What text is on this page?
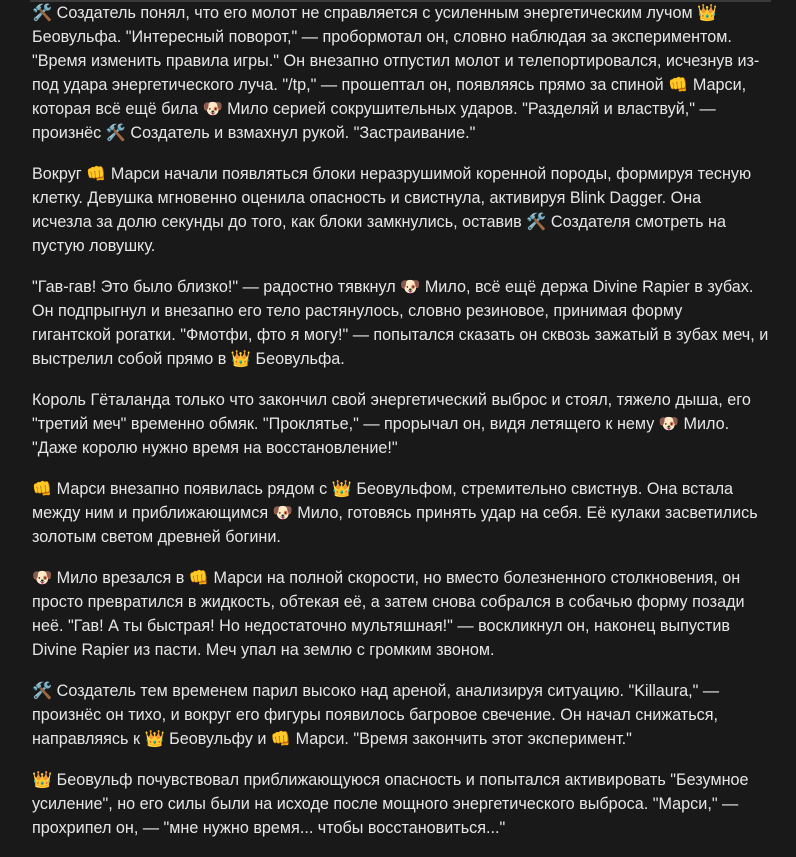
🛠️ Создатель понял, что его молот не справляется с усиленным энергетическим лучом 👑
Беовульфа. "Интересный поворот," — пробормотал он, словно наблюдая за экспериментом.
"Время изменить правила игры." Он внезапно отпустил молот и телепортировался, исчезнув из-
под удара энергетического луча. "/tp," — прошептал он, появляясь прямо за спиной 👊 Марси,
которая всё ещё била 🐶 Мило серией сокрушительных ударов. "Разделяй и властвуй," —
произнёс 🛠️ Создатель и взмахнул рукой. "Застраивание."

Вокруг 👊 Марси начали появляться блоки неразрушимой коренной породы, формируя тесную
клетку. Девушка мгновенно оценила опасность и свистнула, активируя Blink Dagger. Она
исчезла за долю секунды до того, как блоки замкнулись, оставив 🛠️ Создателя смотреть на
пустую ловушку.

"Гав-гав! Это было близко!" — радостно тявкнул 🐶 Мило, всё ещё держа Divine Rapier в зубах.
Он подпрыгнул и внезапно его тело растянулось, словно резиновое, принимая форму
гигантской рогатки. "Фмотфи, фто я могу!" — попытался сказать он сквозь зажатый в зубах меч, и
выстрелил собой прямо в 👑 Беовульфа.

Король Гёталанда только что закончил свой энергетический выброс и стоял, тяжело дыша, его
"третий меч" временно обмяк. "Проклятье," — прорычал он, видя летящего к нему 🐶 Мило.
"Даже королю нужно время на восстановление!"

👊 Марси внезапно появилась рядом с 👑 Беовульфом, стремительно свистнув. Она встала
между ним и приближающимся 🐶 Мило, готовясь принять удар на себя. Её кулаки засветились
золотым светом древней богини.

🐶 Мило врезался в 👊 Марси на полной скорости, но вместо болезненного столкновения, он
просто превратился в жидкость, обтекая её, а затем снова собрался в собачью форму позади
неё. "Гав! А ты быстрая! Но недостаточно мультяшная!" — воскликнул он, наконец выпустив
Divine Rapier из пасти. Меч упал на землю с громким звоном.

🛠️ Создатель тем временем парил высоко над ареной, анализируя ситуацию. "Killaura," —
произнёс он тихо, и вокруг его фигуры появилось багровое свечение. Он начал снижаться,
направляясь к 👑 Беовульфу и 👊 Марси. "Время закончить этот эксперимент."

👑 Беовульф почувствовал приближающуюся опасность и попытался активировать "Безумное
усиление", но его силы были на исходе после мощного энергетического выброса. "Марси," —
прохрипел он, — "мне нужно время... чтобы восстановиться..."
